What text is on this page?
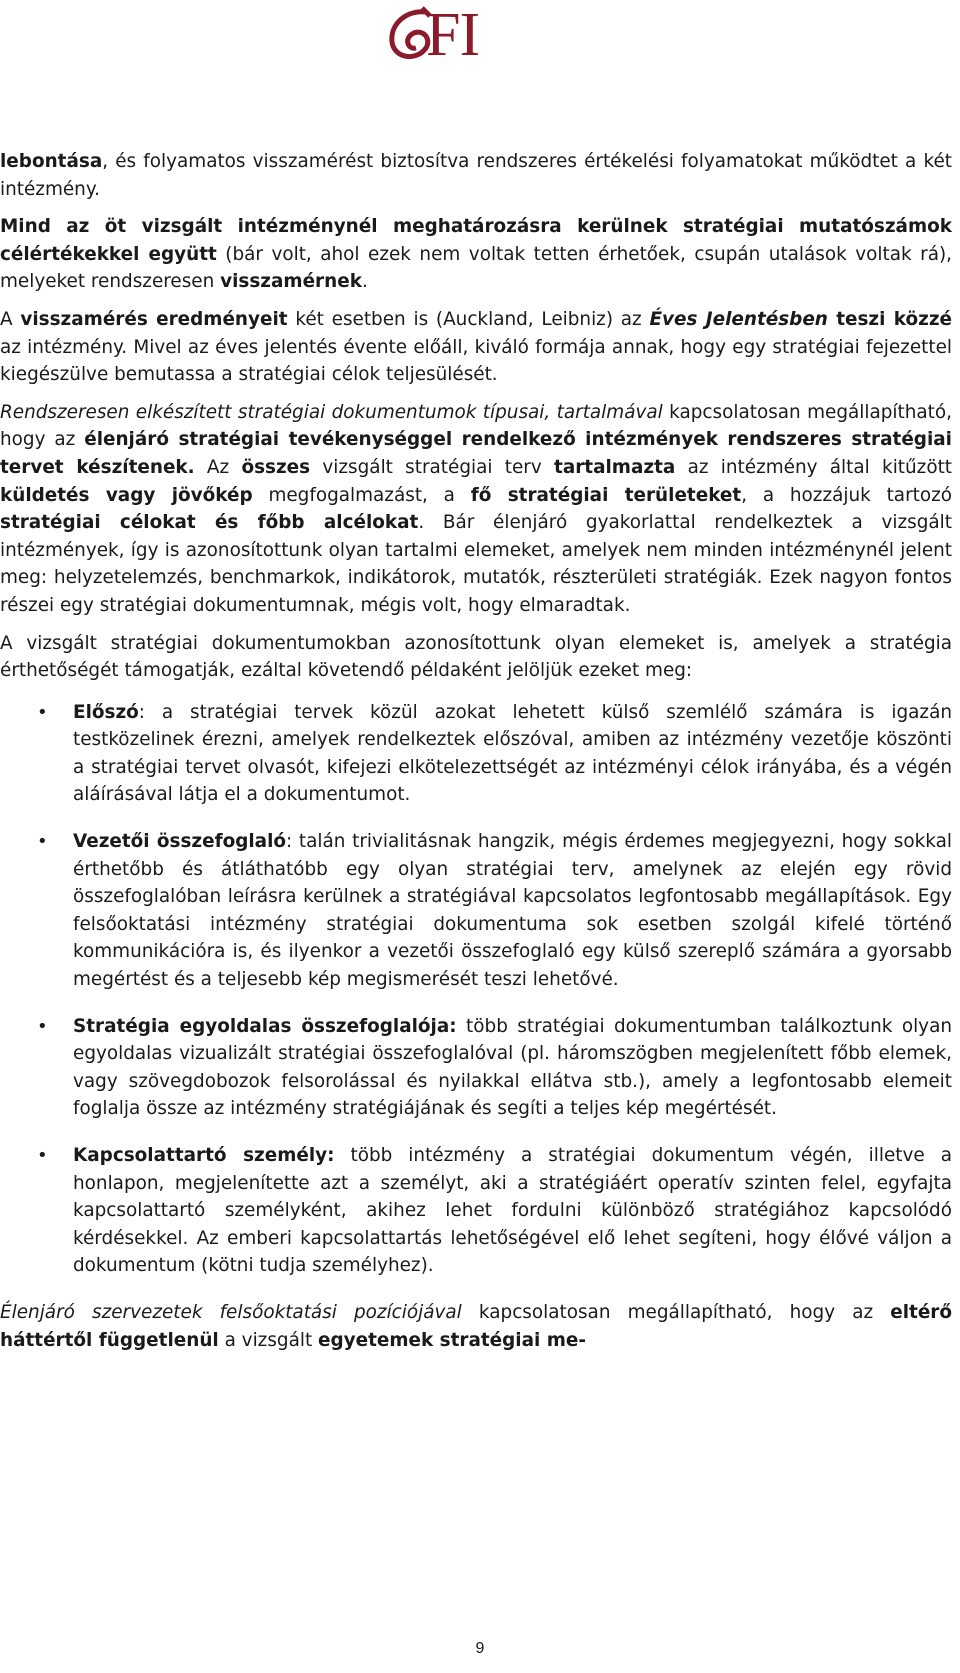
FI

lebontása, és folyamatos visszamérést biztosítva rendszeres értékelési folyamatokat működtet a két intézmény.

Mind az öt vizsgált intézménynél meghatározásra kerülnek stratégiai mutatószámok célértékekkel együtt (bár volt, ahol ezek nem voltak tetten érhetőek, csupán utalások voltak rá), melyeket rendszeresen visszamérnek.

A visszamérés eredményeit két esetben is (Auckland, Leibniz) az Éves Jelentésben teszi közzé az intézmény. Mivel az éves jelentés évente előáll, kiváló formája annak, hogy egy stratégiai fejezettel kiegészülve bemutassa a stratégiai célok teljesülését.

Rendszeresen elkészített stratégiai dokumentumok típusai, tartalmával kapcsolatosan megállapítható, hogy az élenjáró stratégiai tevékenységgel rendelkező intézmények rendszeres stratégiai tervet készítenek. Az összes vizsgált stratégiai terv tartalmazta az intézmény által kitűzött küldetés vagy jövőkép megfogalmazást, a fő stratégiai területeket, a hozzájuk tartozó stratégiai célokat és főbb alcélokat. Bár élenjáró gyakorlattal rendelkeztek a vizsgált intézmények, így is azonosítottunk olyan tartalmi elemeket, amelyek nem minden intézménynél jelent meg: helyzetelemzés, benchmarkok, indikátorok, mutatók, részterületi stratégiák. Ezek nagyon fontos részei egy stratégiai dokumentumnak, mégis volt, hogy elmaradtak.

A vizsgált stratégiai dokumentumokban azonosítottunk olyan elemeket is, amelyek a stratégia érthetőségét támogatják, ezáltal követendő példaként jelöljük ezeket meg:

• Előszó: a stratégiai tervek közül azokat lehetett külső szemlélő számára is igazán testközelinek érezni, amelyek rendelkeztek előszóval, amiben az intézmény vezetője köszönti a stratégiai tervet olvasót, kifejezi elkötelezettségét az intézményi célok irányába, és a végén aláírásával látja el a dokumentumot.
• Vezetői összefoglaló: talán trivialitásnak hangzik, mégis érdemes megjegyezni, hogy sokkal érthetőbb és átláthatóbb egy olyan stratégiai terv, amelynek az elején egy rövid összefoglalóban leírásra kerülnek a stratégiával kapcsolatos legfontosabb megállapítások. Egy felsőoktatási intézmény stratégiai dokumentuma sok esetben szolgál kifelé történő kommunikációra is, és ilyenkor a vezetői összefoglaló egy külső szereplő számára a gyorsabb megértést és a teljesebb kép megismerését teszi lehetővé.
• Stratégia egyoldalas összefoglalója: több stratégiai dokumentumban találkoztunk olyan egyoldalas vizualizált stratégiai összefoglalóval (pl. háromszögben megjelenített főbb elemek, vagy szövegdobozok felsorolással és nyilakkal ellátva stb.), amely a legfontosabb elemeit foglalja össze az intézmény stratégiájának és segíti a teljes kép megértését.
• Kapcsolattartó személy: több intézmény a stratégiai dokumentum végén, illetve a honlapon, megjelenítette azt a személyt, aki a stratégiáért operatív szinten felel, egyfajta kapcsolattartó személyként, akihez lehet fordulni különböző stratégiához kapcsolódó kérdésekkel. Az emberi kapcsolattartás lehetőségével elő lehet segíteni, hogy élővé váljon a dokumentum (kötni tudja személyhez).

Élenjáró szervezetek felsőoktatási pozíciójával kapcsolatosan megállapítható, hogy az eltérő háttértől függetlenül a vizsgált egyetemek stratégiai me-

9
